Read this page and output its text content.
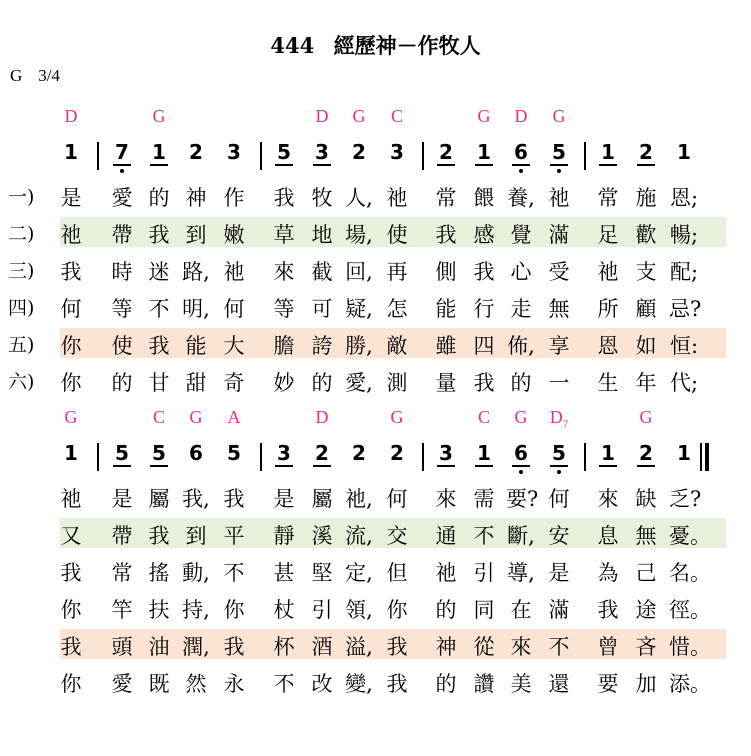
444 經歷神－作牧人
G 3/4
D	G	D	G	C	G	D	G
1	7	1	2	3	5	3	2	3	2	1	6	5	1	2	1
一) 是 愛 的 神 作 我 牧 人, 祂 常 餵 養, 祂 常 施 恩;
二) 祂 帶 我 到 嫩 草 地 場, 使 我 感 覺 滿 足 歡 暢;
三) 我 時 迷 路, 祂 來 截 回, 再 側 我 心 受 祂 支 配;
四) 何 等 不 明, 何 等 可 疑, 怎 能 行 走 無 所 顧 忌?
五) 你 使 我 能 大 膽 誇 勝, 敵 雖 四 佈, 享 恩 如 恒:
六) 你 的 甘 甜 奇 妙 的 愛, 測 量 我 的 一 生 年 代;
G	C	G	A	D	G	C	G	$D_7$	G
1	5	5	6	5	3	2	2	2	3	1	6	5	1	2	1
祂 是 屬 我, 我 是 屬 祂, 何 來 需 要? 何 來 缺 乏?
又 帶 我 到 平 靜 溪 流, 交 通 不 斷, 安 息 無 憂。
我 常 搖 動, 不 甚 堅 定, 但 祂 引 導, 是 為 己 名。
你 竿 扶 持, 你 杖 引 領, 你 的 同 在 滿 我 途 徑。
我 頭 油 潤, 我 杯 酒 溢, 我 神 從 來 不 曾 吝 惜。
你 愛 既 然 永 不 改 變, 我 的 讚 美 還 要 加 添。
